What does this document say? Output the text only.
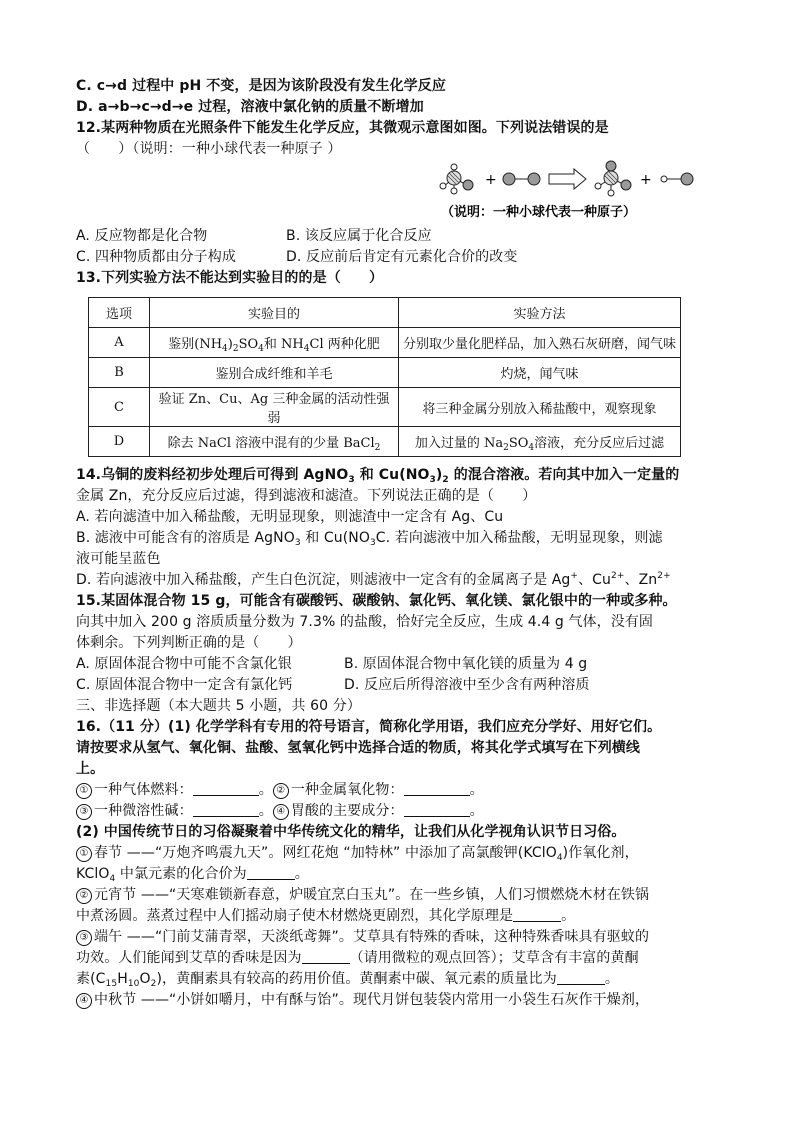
C. c→d 过程中 pH 不变，是因为该阶段没有发生化学反应
D. a→b→c→d→e 过程，溶液中氯化钠的质量不断增加
12.某两种物质在光照条件下能发生化学反应，其微观示意图如图。下列说法错误的是
（　　）（说明：一种小球代表一种原子 ）
+	+
（说明：一种小球代表一种原子）
A. 反应物都是化合物	B. 该反应属于化合反应
C. 四种物质都由分子构成	D. 反应前后肯定有元素化合价的改变
13.下列实验方法不能达到实验目的的是（　　）
选项	实验目的	实验方法
A	鉴别$(NH_4)_2SO_4$和 $NH_4Cl$ 两种化肥	分别取少量化肥样品，加入熟石灰研磨，闻气味
B	鉴别合成纤维和羊毛	灼烧，闻气味
C	验证 Zn、Cu、Ag 三种金属的活动性强弱	将三种金属分别放入稀盐酸中，观察现象
D	除去 NaCl 溶液中混有的少量 BaCl$_2$	加入过量的 $Na_2SO_4$溶液，充分反应后过滤
14.乌铜的废料经初步处理后可得到 AgNO$_3$ 和 $Cu(NO_3)_2$ 的混合溶液。若向其中加入一定量的
金属 Zn，充分反应后过滤，得到滤液和滤渣。下列说法正确的是（　　）
A. 若向滤渣中加入稀盐酸，无明显现象，则滤渣中一定含有 Ag、Cu
B. 滤液中可能含有的溶质是 AgNO$_3$ 和 $Cu(NO_3C$. 若向滤液中加入稀盐酸，无明显现象，则滤
液可能呈蓝色
D. 若向滤液中加入稀盐酸，产生白色沉淀，则滤液中一定含有的金属离子是 Ag+、$Cu^{2+}$、$Zn^{2+}$
15.某固体混合物 15 g，可能含有碳酸钙、碳酸钠、氯化钙、氧化镁、氯化银中的一种或多种。
向其中加入 200 g 溶质质量分数为 7.3% 的盐酸，恰好完全反应，生成 4.4 g 气体，没有固
体剩余。下列判断正确的是（　　）
A. 原固体混合物中可能不含氯化银	B. 原固体混合物中氧化镁的质量为 4 g
C. 原固体混合物中一定含有氯化钙	D. 反应后所得溶液中至少含有两种溶质
三、非选择题（本大题共 5 小题，共 60 分）
16.（11 分）(1) 化学学科有专用的符号语言，简称化学用语，我们应充分学好、用好它们。
请按要求从氢气、氧化铜、盐酸、氢氧化钙中选择合适的物质，将其化学式填写在下列横线
上。
① 一种气体燃料：	。 ② 一种金属氧化物：	。
③ 一种微溶性碱：	。 ④ 胃酸的主要成分：	。
(2) 中国传统节日的习俗凝聚着中华传统文化的精华，让我们从化学视角认识节日习俗。
① 春节 ——“万炮齐鸣震九天”。网红花炮 “加特林” 中添加了高氯酸钾(KClO$_4$)作氧化剂，
KClO$_4$ 中氯元素的化合价为	。
② 元宵节 ——“天寒难锁新春意，炉暖宜烹白玉丸”。在一些乡镇，人们习惯燃烧木材在铁锅
中煮汤圆。蒸煮过程中人们摇动扇子使木材燃烧更剧烈，其化学原理是	。
③ 端午 ——“门前艾蒲青翠，天淡纸鸢舞”。艾草具有特殊的香味，这种特殊香味具有驱蚊的
功效。人们能闻到艾草的香味是因为	（请用微粒的观点回答）；艾草含有丰富的黄酮
素$(C_{15}H_{10}O_2)$，黄酮素具有较高的药用价值。黄酮素中碳、氧元素的质量比为	。
④ 中秋节 ——“小饼如嚼月，中有酥与饴”。现代月饼包装袋内常用一小袋生石灰作干燥剂，
